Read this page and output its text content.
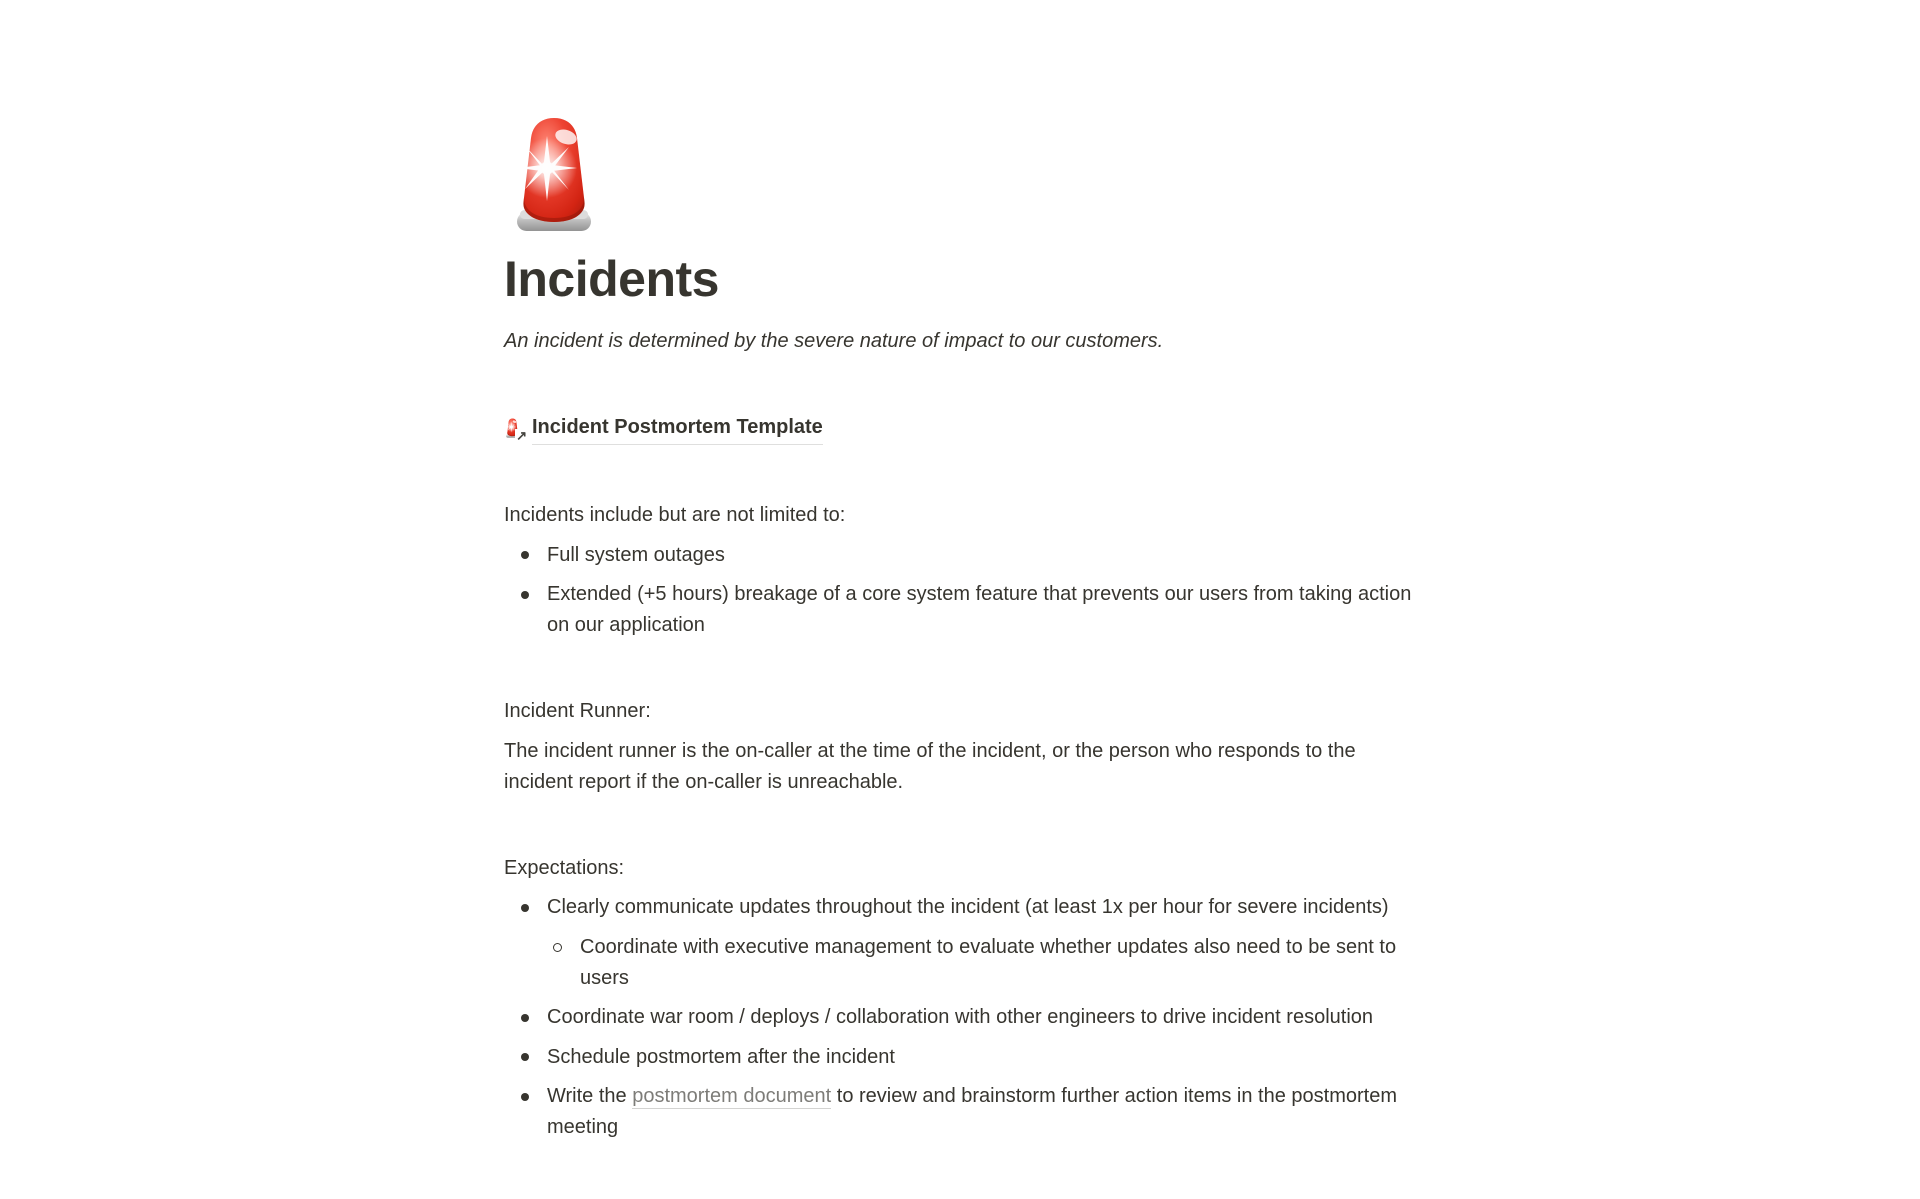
Incidents
An incident is determined by the severe nature of impact to our customers.
↗ Incident Postmortem Template
Incidents include but are not limited to:
Full system outages
Extended (+5 hours) breakage of a core system feature that prevents our users from taking action on our application
Incident Runner:
The incident runner is the on-caller at the time of the incident, or the person who responds to the incident report if the on-caller is unreachable.
Expectations:
Clearly communicate updates throughout the incident (at least 1x per hour for severe incidents)
Coordinate with executive management to evaluate whether updates also need to be sent to users
Coordinate war room / deploys / collaboration with other engineers to drive incident resolution
Schedule postmortem after the incident
Write the postmortem document to review and brainstorm further action items in the postmortem meeting
